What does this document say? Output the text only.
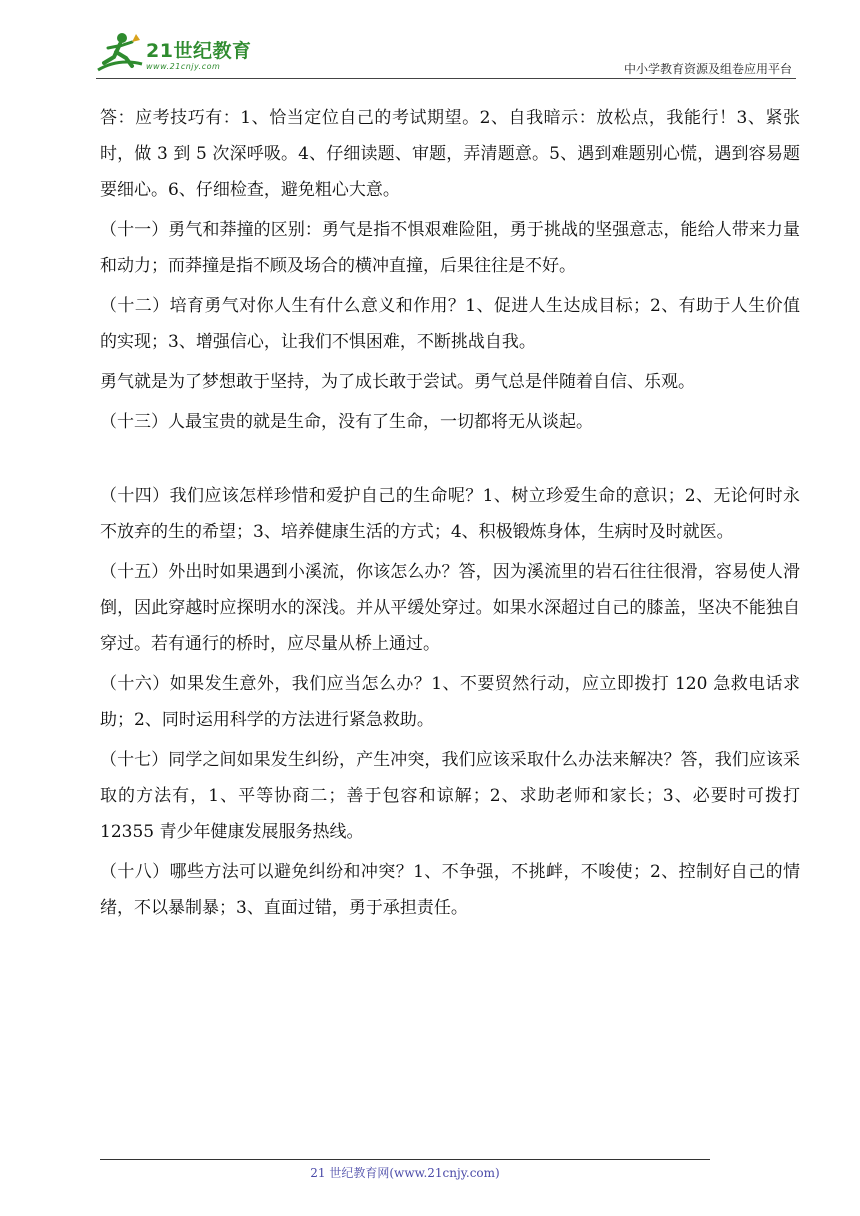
21世纪教育
www.21cnjy.com	中小学教育资源及组卷应用平台

答：应考技巧有：1、恰当定位自己的考试期望。2、自我暗示：放松点，我能行！3、紧张时，做 3 到 5 次深呼吸。4、仔细读题、审题，弄清题意。5、遇到难题别心慌，遇到容易题要细心。6、仔细检查，避免粗心大意。

（十一）勇气和莽撞的区别：勇气是指不惧艰难险阻，勇于挑战的坚强意志，能给人带来力量和动力；而莽撞是指不顾及场合的横冲直撞，后果往往是不好。

（十二）培育勇气对你人生有什么意义和作用？1、促进人生达成目标；2、有助于人生价值的实现；3、增强信心，让我们不惧困难，不断挑战自我。

勇气就是为了梦想敢于坚持，为了成长敢于尝试。勇气总是伴随着自信、乐观。

（十三）人最宝贵的就是生命，没有了生命，一切都将无从谈起。

（十四）我们应该怎样珍惜和爱护自己的生命呢？1、树立珍爱生命的意识；2、无论何时永不放弃的生的希望；3、培养健康生活的方式；4、积极锻炼身体，生病时及时就医。

（十五）外出时如果遇到小溪流，你该怎么办？答，因为溪流里的岩石往往很滑，容易使人滑倒，因此穿越时应探明水的深浅。并从平缓处穿过。如果水深超过自己的膝盖，坚决不能独自穿过。若有通行的桥时，应尽量从桥上通过。

（十六）如果发生意外，我们应当怎么办？1、不要贸然行动，应立即拨打 120 急救电话求助；2、同时运用科学的方法进行紧急救助。

（十七）同学之间如果发生纠纷，产生冲突，我们应该采取什么办法来解决？答，我们应该采取的方法有，1、平等协商二；善于包容和谅解；2、求助老师和家长；3、必要时可拨打 12355 青少年健康发展服务热线。

（十八）哪些方法可以避免纠纷和冲突？1、不争强，不挑衅，不唆使；2、控制好自己的情绪，不以暴制暴；3、直面过错，勇于承担责任。

21 世纪教育网(www.21cnjy.com)
